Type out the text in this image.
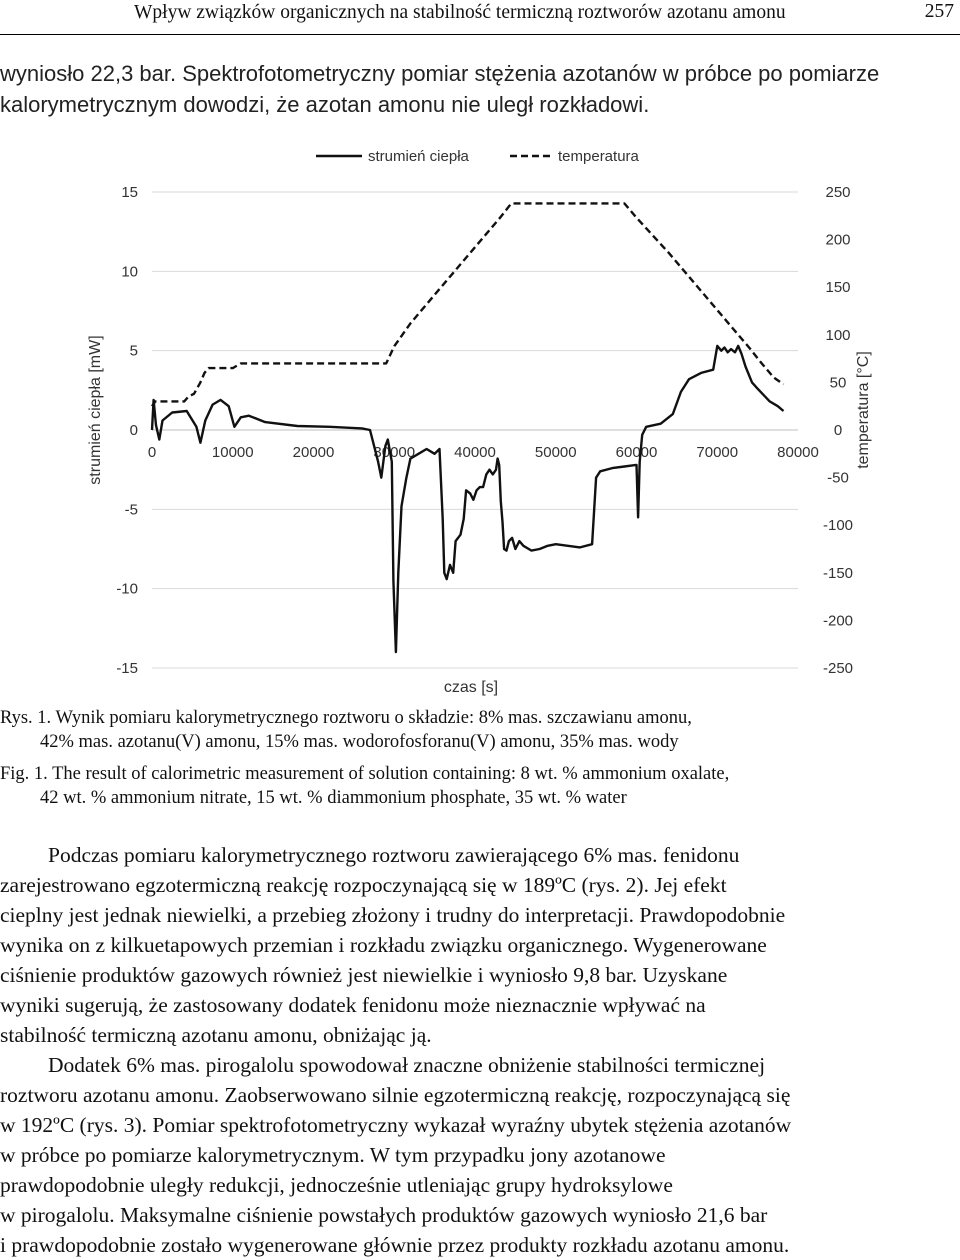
Wpływ związków organicznych na stabilność termiczną roztworów azotanu amonu	257

wyniosło 22,3 bar. Spektrofotometryczny pomiar stężenia azotanów w próbce po pomiarze

kalorymetrycznym dowodzi, że azotan amonu nie uległ rozkładowi.

15
10
5
0
-5
-10
-15
250
200
150
100
50
0
-50
-100
-150
-200
-250
0	10000	20000	30000	40000	50000	60000	70000	80000
strumień ciepła	temperatura
czas [s]
strumień ciepła [mW]	temperatura [°C]

Rys. 1. Wynik pomiaru kalorymetrycznego roztworu o składzie: 8% mas. szczawianu amonu,

42% mas. azotanu(V) amonu, 15% mas. wodorofosforanu(V) amonu, 35% mas. wody

Fig. 1. The result of calorimetric measurement of solution containing: 8 wt. % ammonium oxalate,

42 wt. % ammonium nitrate, 15 wt. % diammonium phosphate, 35 wt. % water

Podczas pomiaru kalorymetrycznego roztworu zawierającego 6% mas. fenidonu

zarejestrowano egzotermiczną reakcję rozpoczynającą się w 189ºC (rys. 2). Jej efekt

cieplny jest jednak niewielki, a przebieg złożony i trudny do interpretacji. Prawdopodobnie

wynika on z kilkuetapowych przemian i rozkładu związku organicznego. Wygenerowane

ciśnienie produktów gazowych również jest niewielkie i wyniosło 9,8 bar. Uzyskane

wyniki sugerują, że zastosowany dodatek fenidonu może nieznacznie wpływać na

stabilność termiczną azotanu amonu, obniżając ją.

Dodatek 6% mas. pirogalolu spowodował znaczne obniżenie stabilności termicznej

roztworu azotanu amonu. Zaobserwowano silnie egzotermiczną reakcję, rozpoczynającą się

w 192ºC (rys. 3). Pomiar spektrofotometryczny wykazał wyraźny ubytek stężenia azotanów

w próbce po pomiarze kalorymetrycznym. W tym przypadku jony azotanowe

prawdopodobnie uległy redukcji, jednocześnie utleniając grupy hydroksylowe

w pirogalolu. Maksymalne ciśnienie powstałych produktów gazowych wyniosło 21,6 bar

i prawdopodobnie zostało wygenerowane głównie przez produkty rozkładu azotanu amonu.
